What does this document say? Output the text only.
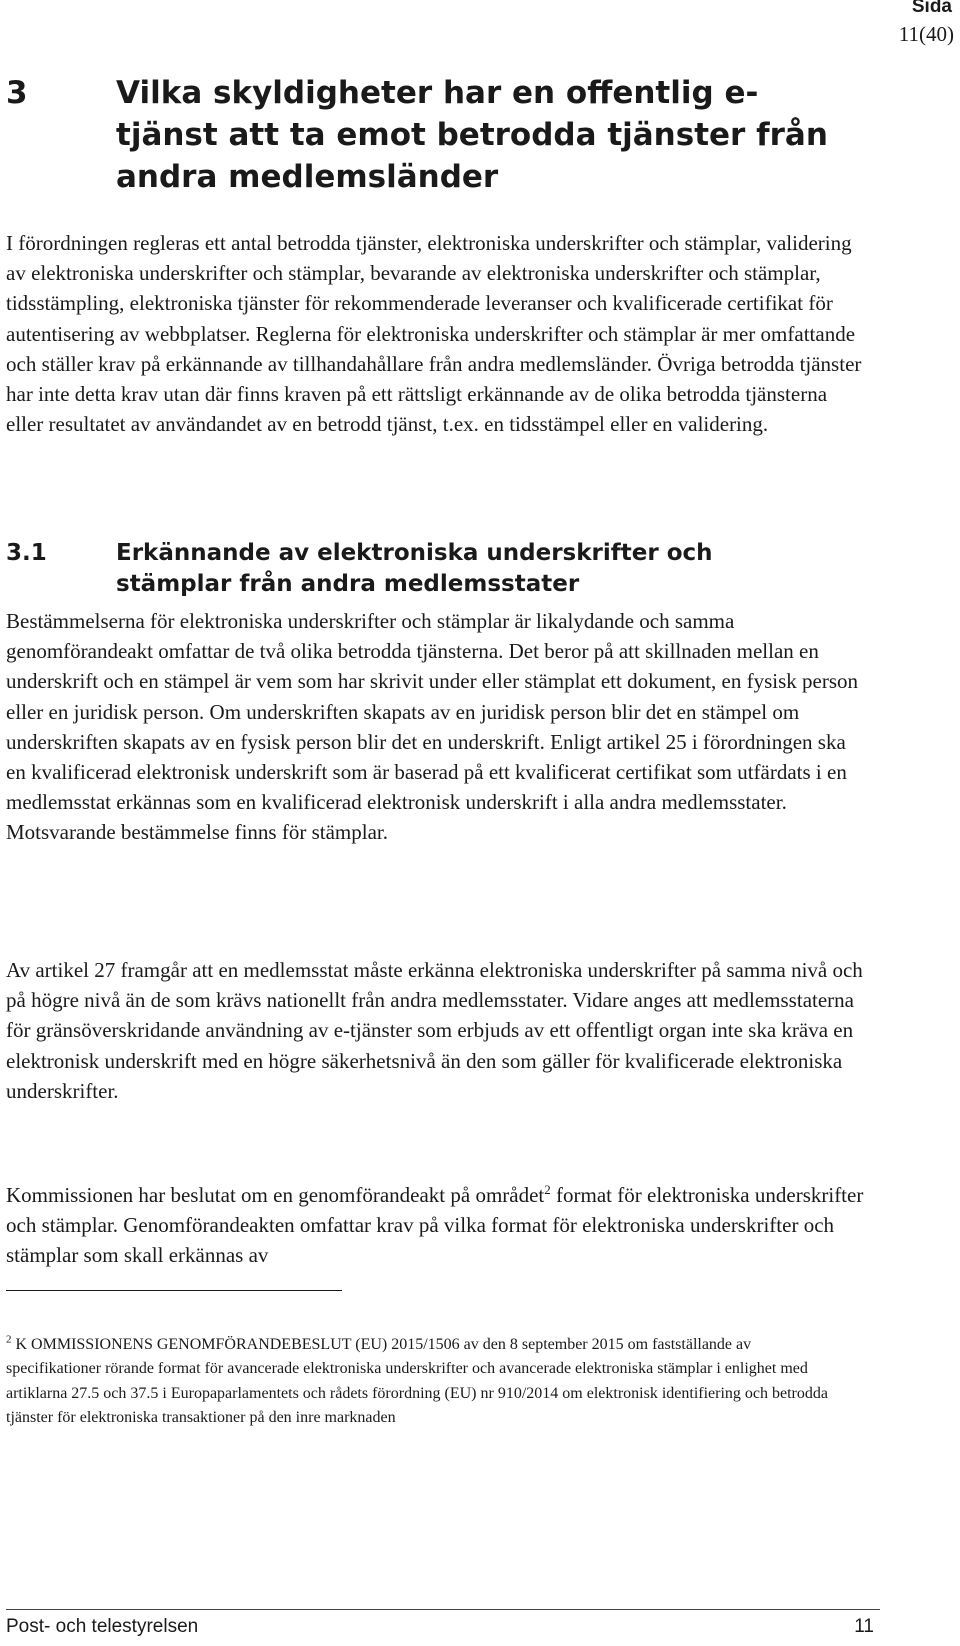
Sida
11(40)
3	Vilka skyldigheter har en offentlig e-tjänst att ta emot betrodda tjänster från andra medlemsländer
I förordningen regleras ett antal betrodda tjänster, elektroniska underskrifter och stämplar, validering av elektroniska underskrifter och stämplar, bevarande av elektroniska underskrifter och stämplar, tidsstämpling, elektroniska tjänster för rekommenderade leveranser och kvalificerade certifikat för autentisering av webbplatser. Reglerna för elektroniska underskrifter och stämplar är mer omfattande och ställer krav på erkännande av tillhandahållare från andra medlemsländer. Övriga betrodda tjänster har inte detta krav utan där finns kraven på ett rättsligt erkännande av de olika betrodda tjänsterna eller resultatet av användandet av en betrodd tjänst, t.ex. en tidsstämpel eller en validering.
3.1	Erkännande av elektroniska underskrifter och stämplar från andra medlemsstater
Bestämmelserna för elektroniska underskrifter och stämplar är likalydande och samma genomförandeakt omfattar de två olika betrodda tjänsterna. Det beror på att skillnaden mellan en underskrift och en stämpel är vem som har skrivit under eller stämplat ett dokument, en fysisk person eller en juridisk person. Om underskriften skapats av en juridisk person blir det en stämpel om underskriften skapats av en fysisk person blir det en underskrift. Enligt artikel 25 i förordningen ska en kvalificerad elektronisk underskrift som är baserad på ett kvalificerat certifikat som utfärdats i en medlemsstat erkännas som en kvalificerad elektronisk underskrift i alla andra medlemsstater. Motsvarande bestämmelse finns för stämplar.
Av artikel 27 framgår att en medlemsstat måste erkänna elektroniska underskrifter på samma nivå och på högre nivå än de som krävs nationellt från andra medlemsstater. Vidare anges att medlemsstaterna för gränsöverskridande användning av e-tjänster som erbjuds av ett offentligt organ inte ska kräva en elektronisk underskrift med en högre säkerhetsnivå än den som gäller för kvalificerade elektroniska underskrifter.
Kommissionen har beslutat om en genomförandeakt på området$^2$ format för elektroniska underskrifter och stämplar. Genomförandeakten omfattar krav på vilka format för elektroniska underskrifter och stämplar som skall erkännas av
$^2$ K OMMISSIONENS GENOMFÖRANDEBESLUT (EU) 2015/1506 av den 8 september 2015 om fastställande av specifikationer rörande format för avancerade elektroniska underskrifter och avancerade elektroniska stämplar i enlighet med artiklarna 27.5 och 37.5 i Europaparlamentets och rådets förordning (EU) nr 910/2014 om elektronisk identifiering och betrodda tjänster för elektroniska transaktioner på den inre marknaden
Post- och telestyrelsen	11
